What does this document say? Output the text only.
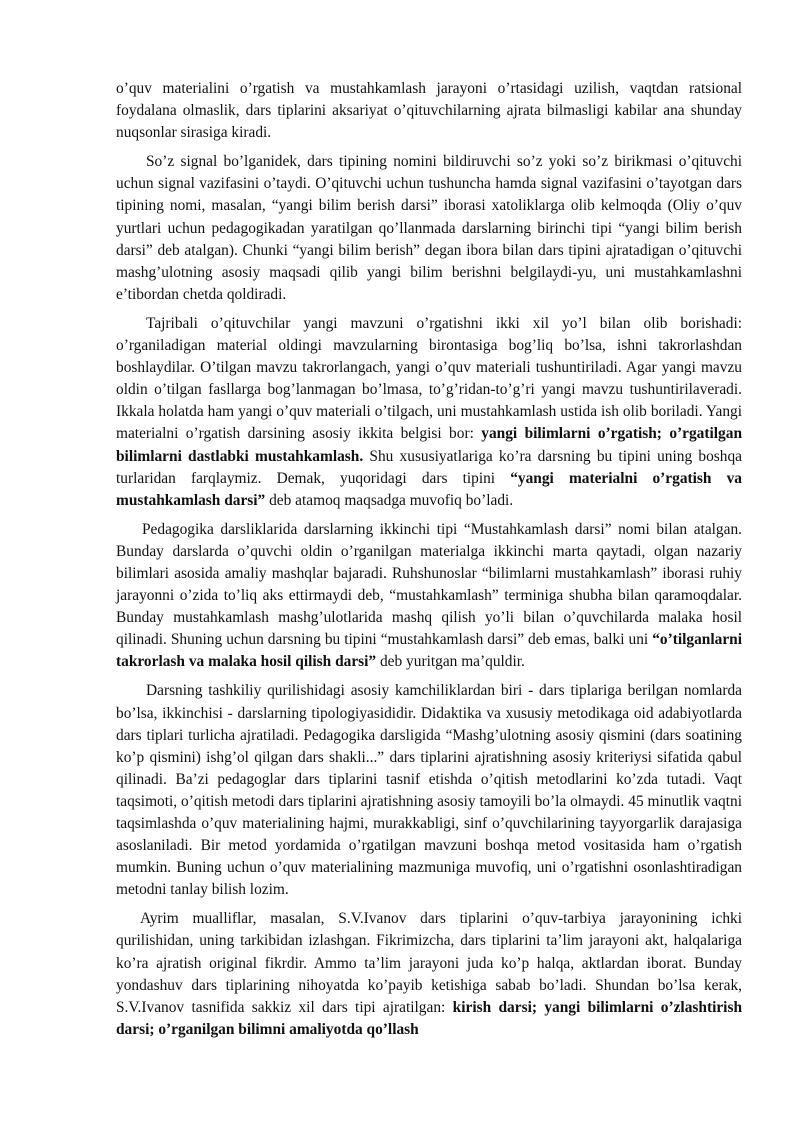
o’quv materialini o’rgatish va mustahkamlash jarayoni o’rtasidagi uzilish, vaqtdan ratsional foydalana olmaslik, dars tiplarini aksariyat o’qituvchilarning ajrata bilmasligi kabilar ana shunday nuqsonlar sirasiga kiradi.

So’z signal bo’lganidek, dars tipining nomini bildiruvchi so’z yoki so’z birikmasi o’qituvchi uchun signal vazifasini o’taydi. O’qituvchi uchun tushuncha hamda signal vazifasini o’tayotgan dars tipining nomi, masalan, “yangi bilim berish darsi” iborasi xatoliklarga olib kelmoqda (Oliy o’quv yurtlari uchun pedagogikadan yaratilgan qo’llanmada darslarning birinchi tipi “yangi bilim berish darsi” deb atalgan). Chunki “yangi bilim berish” degan ibora bilan dars tipini ajratadigan o’qituvchi mashg’ulotning asosiy maqsadi qilib yangi bilim berishni belgilaydi-yu, uni mustahkamlashni e’tibordan chetda qoldiradi.

Tajribali o’qituvchilar yangi mavzuni o’rgatishni ikki xil yo’l bilan olib borishadi: o’rganiladigan material oldingi mavzularning birontasiga bog’liq bo’lsa, ishni takrorlashdan boshlaydilar. O’tilgan mavzu takrorlangach, yangi o’quv materiali tushuntiriladi. Agar yangi mavzu oldin o’tilgan fasllarga bog’lanmagan bo’lmasa, to’g’ridan-to’g’ri yangi mavzu tushuntirilaveradi. Ikkala holatda ham yangi o’quv materiali o’tilgach, uni mustahkamlash ustida ish olib boriladi. Yangi materialni o’rgatish darsining asosiy ikkita belgisi bor: yangi bilimlarni o’rgatish; o’rgatilgan bilimlarni dastlabki mustahkamlash. Shu xususiyatlariga ko’ra darsning bu tipini uning boshqa turlaridan farqlaymiz. Demak, yuqoridagi dars tipini “yangi materialni o’rgatish va mustahkamlash darsi” deb atamoq maqsadga muvofiq bo’ladi.

Pedagogika darsliklarida darslarning ikkinchi tipi “Mustahkamlash darsi” nomi bilan atalgan. Bunday darslarda o’quvchi oldin o’rganilgan materialga ikkinchi marta qaytadi, olgan nazariy bilimlari asosida amaliy mashqlar bajaradi. Ruhshunoslar “bilimlarni mustahkamlash” iborasi ruhiy jarayonni o’zida to’liq aks ettirmaydi deb, “mustahkamlash” terminiga shubha bilan qaramoqdalar. Bunday mustahkamlash mashg’ulotlarida mashq qilish yo’li bilan o’quvchilarda malaka hosil qilinadi. Shuning uchun darsning bu tipini “mustahkamlash darsi” deb emas, balki uni “o’tilganlarni takrorlash va malaka hosil qilish darsi” deb yuritgan ma’quldir.

Darsning tashkiliy qurilishidagi asosiy kamchiliklardan biri - dars tiplariga berilgan nomlarda bo’lsa, ikkinchisi - darslarning tipologiyasididir. Didaktika va xususiy metodikaga oid adabiyotlarda dars tiplari turlicha ajratiladi. Pedagogika darsligida “Mashg’ulotning asosiy qismini (dars soatining ko’p qismini) ishg’ol qilgan dars shakli...” dars tiplarini ajratishning asosiy kriteriysi sifatida qabul qilinadi. Ba’zi pedagoglar dars tiplarini tasnif etishda o’qitish metodlarini ko’zda tutadi. Vaqt taqsimoti, o’qitish metodi dars tiplarini ajratishning asosiy tamoyili bo’la olmaydi. 45 minutlik vaqtni taqsimlashda o’quv materialining hajmi, murakkabligi, sinf o’quvchilarining tayyorgarlik darajasiga asoslaniladi. Bir metod yordamida o’rgatilgan mavzuni boshqa metod vositasida ham o’rgatish mumkin. Buning uchun o’quv materialining mazmuniga muvofiq, uni o’rgatishni osonlashtiradigan metodni tanlay bilish lozim.

Ayrim mualliflar, masalan, S.V.Ivanov dars tiplarini o’quv-tarbiya jarayonining ichki qurilishidan, uning tarkibidan izlashgan. Fikrimizcha, dars tiplarini ta’lim jarayoni akt, halqalariga ko’ra ajratish original fikrdir. Ammo ta’lim jarayoni juda ko’p halqa, aktlardan iborat. Bunday yondashuv dars tiplarining nihoyatda ko’payib ketishiga sabab bo’ladi. Shundan bo’lsa kerak, S.V.Ivanov tasnifida sakkiz xil dars tipi ajratilgan: kirish darsi; yangi bilimlarni o’zlashtirish darsi; o’rganilgan bilimni amaliyotda qo’llash
